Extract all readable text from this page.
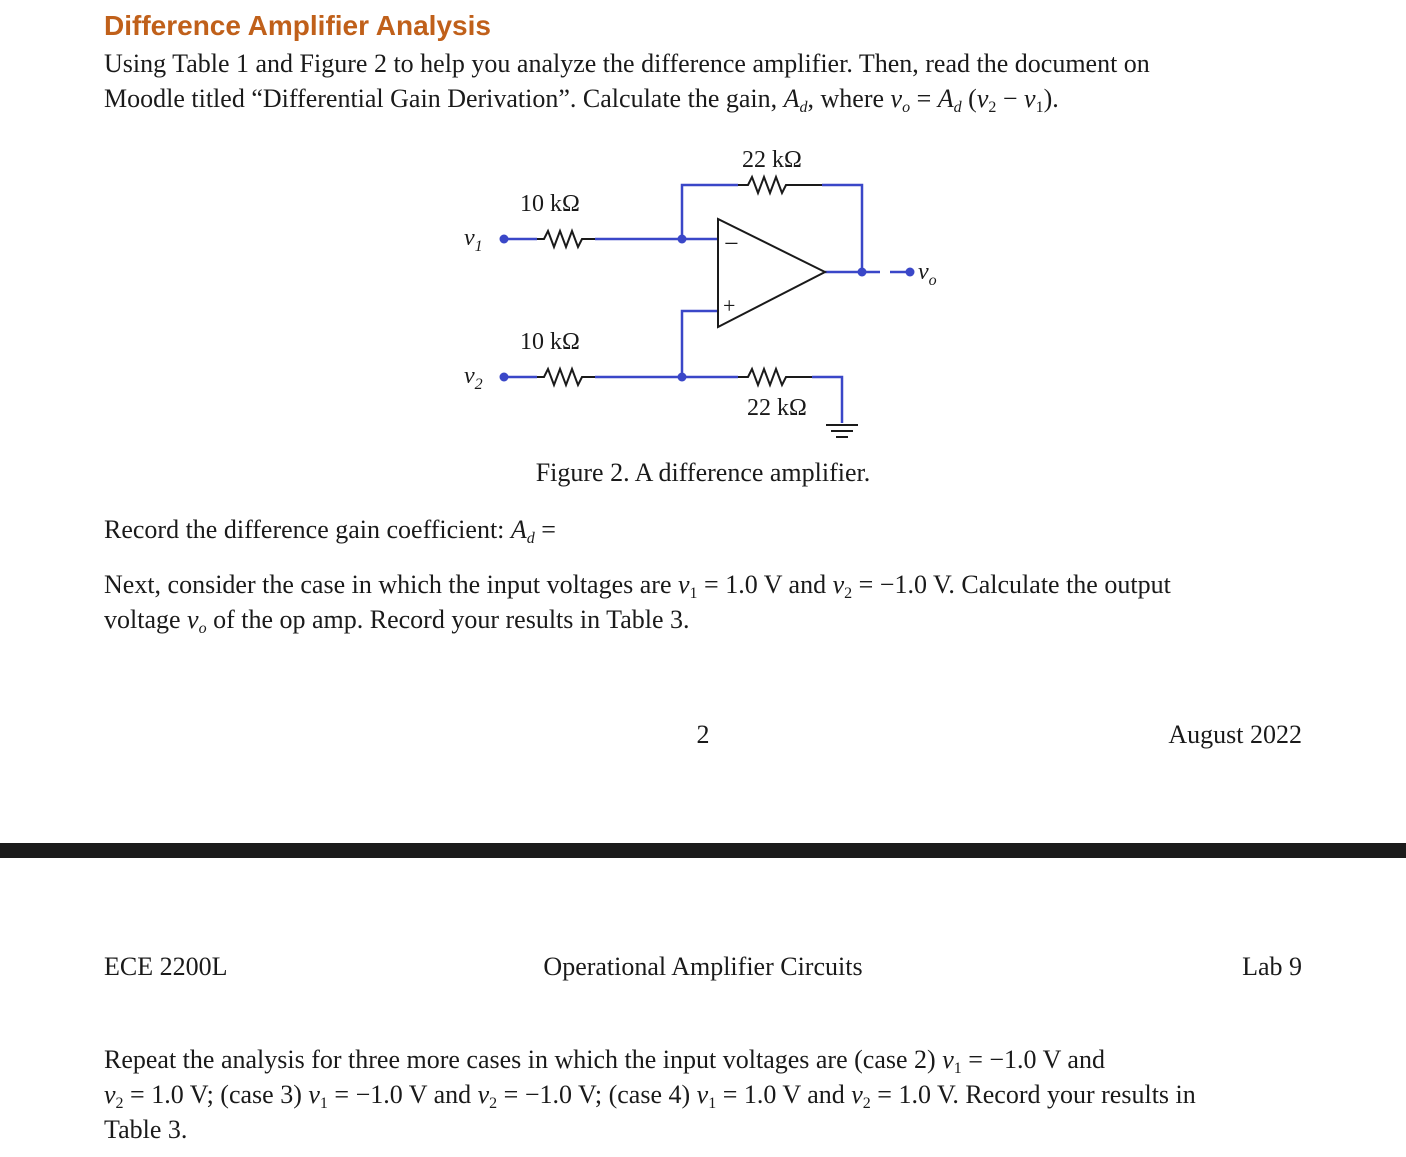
Difference Amplifier Analysis

Using Table 1 and Figure 2 to help you analyze the difference amplifier. Then, read the document on
Moodle titled “Differential Gain Derivation”. Calculate the gain, $A_d$, where $v_o = A_d$ $(v_2 - v_1)$.

−
+
22 kΩ
10 kΩ
10 kΩ
22 kΩ
$v_1$
$v_2$
$v_o$
Figure 2. A difference amplifier.

Record the difference gain coefficient: $A_d$ =

Next, consider the case in which the input voltages are $v_1 = 1.0$ V and $v_2 = -1.0$ V. Calculate the output
voltage $v_o$ of the op amp. Record your results in Table 3.

2	August 2022
ECE 2200L	Operational Amplifier Circuits	Lab 9

Repeat the analysis for three more cases in which the input voltages are (case 2) $v_1 = -1.0$ V and
$v_2 = 1.0$ V; (case 3) $v_1 = -1.0$ V and $v_2 = -1.0$ V; (case 4) $v_1 = 1.0$ V and $v_2 = 1.0$ V. Record your results in
Table 3.
